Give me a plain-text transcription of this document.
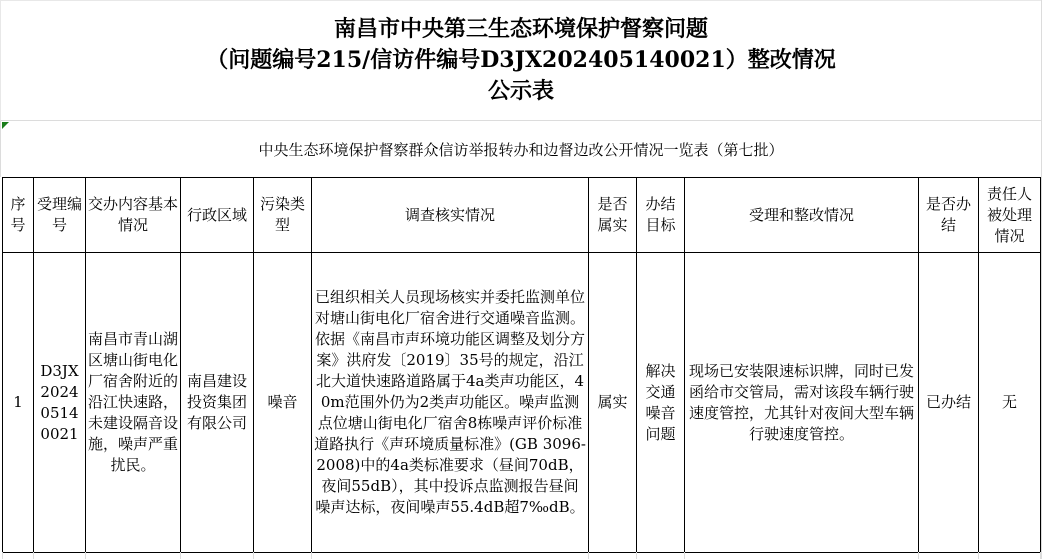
南昌市中央第三生态环境保护督察问题
（问题编号215/信访件编号D3JX202405140021）整改情况
公示表
中央生态环境保护督察群众信访举报转办和边督边改公开情况一览表（第七批）
序号	受理编号	交办内容基本情况	行政区域	污染类型	调查核实情况	是否属实	办结目标	受理和整改情况	是否办结	责任人被处理情况
1	D3JX202405140021	南昌市青山湖区塘山街电化厂宿舍附近的沿江快速路，未建设隔音设施，噪声严重扰民。	南昌建设投资集团有限公司	噪音	已组织相关人员现场核实并委托监测单位对塘山街电化厂宿舍进行交通噪音监测。依据《南昌市声环境功能区调整及划分方案》洪府发〔2019〕35号的规定，沿江北大道快速路道路属于4a类声功能区，40m范围外仍为2类声功能区。噪声监测点位塘山街电化厂宿舍8栋噪声评价标准道路执行《声环境质量标准》(GB 3096-2008)中的4a类标准要求（昼间70dB，夜间55dB），其中投诉点监测报告昼间噪声达标，夜间噪声55.4dB超7‰dB。	属实	解决交通噪音问题	现场已安装限速标识牌，同时已发函给市交管局，需对该段车辆行驶速度管控，尤其针对夜间大型车辆行驶速度管控。	已办结	无
